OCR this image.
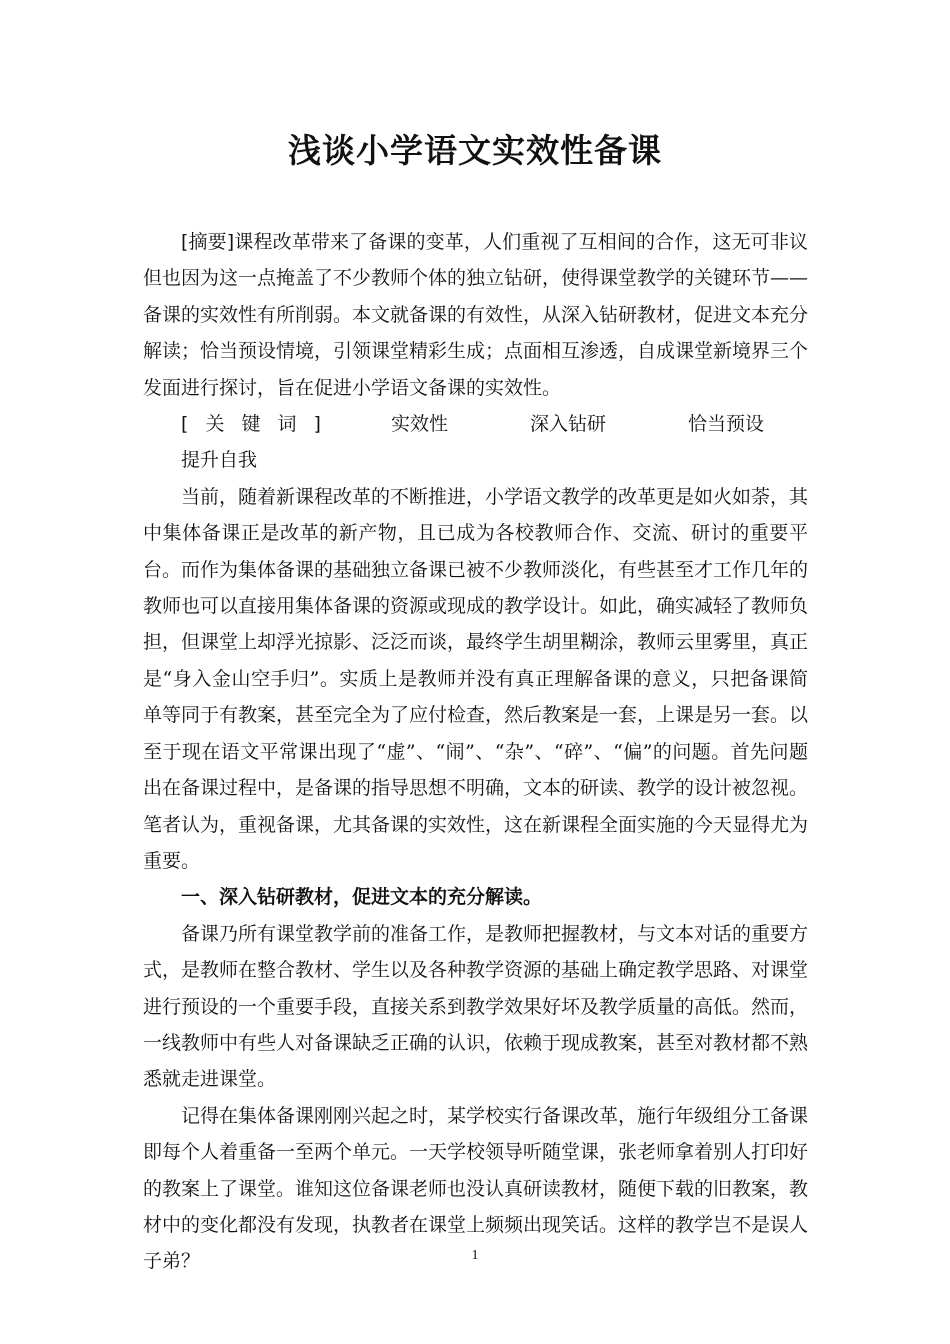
浅谈小学语文实效性备课

[摘要]课程改革带来了备课的变革，人们重视了互相间的合作，这无可非议但也因为这一点掩盖了不少教师个体的独立钻研，使得课堂教学的关键环节——备课的实效性有所削弱。本文就备课的有效性，从深入钻研教材，促进文本充分解读；恰当预设情境，引领课堂精彩生成；点面相互渗透，自成课堂新境界三个发面进行探讨，旨在促进小学语文备课的实效性。

[关键词]	实效性	深入钻研	恰当预设提升自我

当前，随着新课程改革的不断推进，小学语文教学的改革更是如火如荼，其中集体备课正是改革的新产物，且已成为各校教师合作、交流、研讨的重要平台。而作为集体备课的基础独立备课已被不少教师淡化，有些甚至才工作几年的教师也可以直接用集体备课的资源或现成的教学设计。如此，确实减轻了教师负担，但课堂上却浮光掠影、泛泛而谈，最终学生胡里糊涂，教师云里雾里，真正是“身入金山空手归”。实质上是教师并没有真正理解备课的意义，只把备课简单等同于有教案，甚至完全为了应付检查，然后教案是一套，上课是另一套。以至于现在语文平常课出现了“虚”、“闹”、“杂”、“碎”、“偏”的问题。首先问题出在备课过程中，是备课的指导思想不明确，文本的研读、教学的设计被忽视。笔者认为，重视备课，尤其备课的实效性，这在新课程全面实施的今天显得尤为重要。

一、深入钻研教材，促进文本的充分解读。

备课乃所有课堂教学前的准备工作，是教师把握教材，与文本对话的重要方式，是教师在整合教材、学生以及各种教学资源的基础上确定教学思路、对课堂进行预设的一个重要手段，直接关系到教学效果好坏及教学质量的高低。然而，一线教师中有些人对备课缺乏正确的认识，依赖于现成教案，甚至对教材都不熟悉就走进课堂。

记得在集体备课刚刚兴起之时，某学校实行备课改革，施行年级组分工备课即每个人着重备一至两个单元。一天学校领导听随堂课，张老师拿着别人打印好的教案上了课堂。谁知这位备课老师也没认真研读教材，随便下载的旧教案，教材中的变化都没有发现，执教者在课堂上频频出现笑话。这样的教学岂不是误人子弟？	1
